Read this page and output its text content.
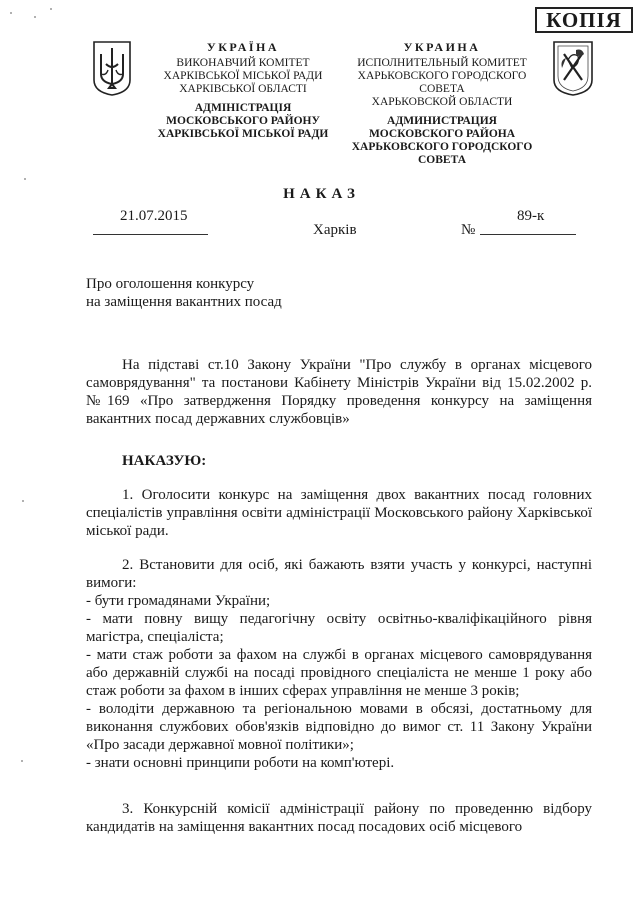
КОПІЯ
УКРАЇНА
ВИКОНАВЧИЙ КОМІТЕТ
ХАРКІВСЬКОЇ МІСЬКОЇ РАДИ
ХАРКІВСЬКОЇ ОБЛАСТІ
АДМІНІСТРАЦІЯ
МОСКОВСЬКОГО РАЙОНУ
ХАРКІВСЬКОЇ МІСЬКОЇ РАДИ
УКРАИНА
ИСПОЛНИТЕЛЬНЫЙ КОМИТЕТ
ХАРЬКОВСКОГО ГОРОДСКОГО СОВЕТА
ХАРЬКОВСКОЙ ОБЛАСТИ
АДМИНИСТРАЦИЯ
МОСКОВСКОГО РАЙОНА
ХАРЬКОВСКОГО ГОРОДСКОГО СОВЕТА
НАКАЗ
21.07.2015
Харків
89-к
№
Про оголошення конкурсу
на заміщення вакантних посад

На підставі ст.10 Закону України "Про службу в органах місцевого самоврядування" та постанови Кабінету Міністрів України від 15.02.2002 р. №169 «Про затвердження Порядку проведення конкурсу на заміщення вакантних посад державних службовців»

НАКАЗУЮ:

1. Оголосити конкурс на заміщення двох вакантних посад головних спеціалістів управління освіти адміністрації Московського району Харківської міської ради.

2. Встановити для осіб, які бажають взяти участь у конкурсі, наступні вимоги:

- бути громадянами України;
- мати повну вищу педагогічну освіту освітньо-кваліфікаційного рівня магістра, спеціаліста;
- мати стаж роботи за фахом на службі в органах місцевого самоврядування або державній службі на посаді провідного спеціаліста не менше 1 року або стаж роботи за фахом в інших сферах управління не менше 3 років;
- володіти державною та регіональною мовами в обсязі, достатньому для виконання службових обов'язків відповідно до вимог ст. 11 Закону України «Про засади державної мовної політики»;
- знати основні принципи роботи на комп'ютері.

3. Конкурсній комісії адміністрації району по проведенню відбору кандидатів на заміщення вакантних посад посадових осіб місцевого
